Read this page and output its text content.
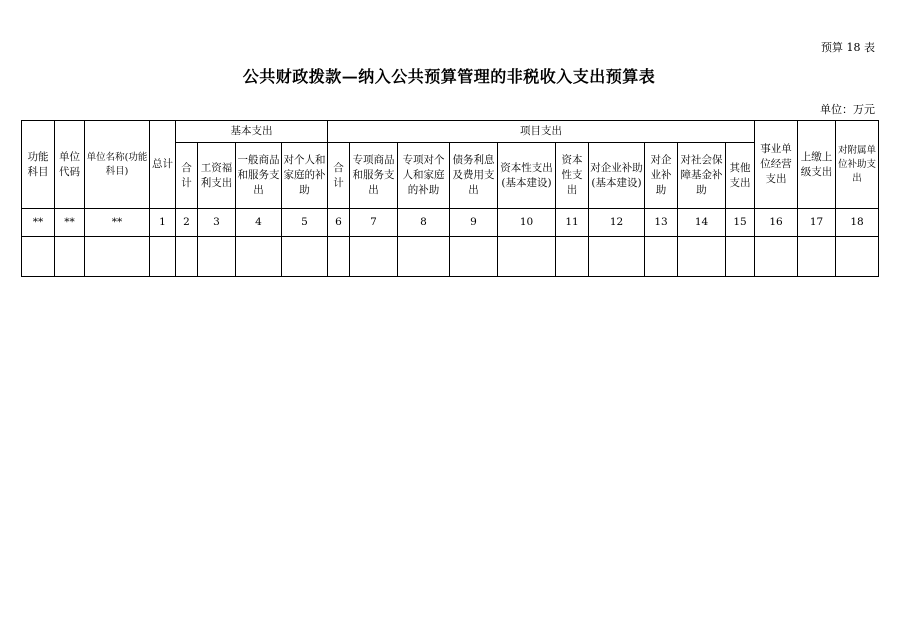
预算 18 表
公共财政拨款—纳入公共预算管理的非税收入支出预算表
单位：万元
功能科目	单位代码	单位名称(功能科目)	总计	基本支出				项目支出										事业单位经营支出	上缴上级支出	对附属单位补助支出
				合计	工资福利支出	一般商品和服务支出	对个人和家庭的补助	合计	专项商品和服务支出	专项对个人和家庭的补助	债务利息及费用支出	资本性支出(基本建设)	资本性支出	对企业补助(基本建设)	对企业补助	对社会保障基金补助	其他支出			
**	**	**	1	2	3	4	5	6	7	8	9	10	11	12	13	14	15	16	17	18
